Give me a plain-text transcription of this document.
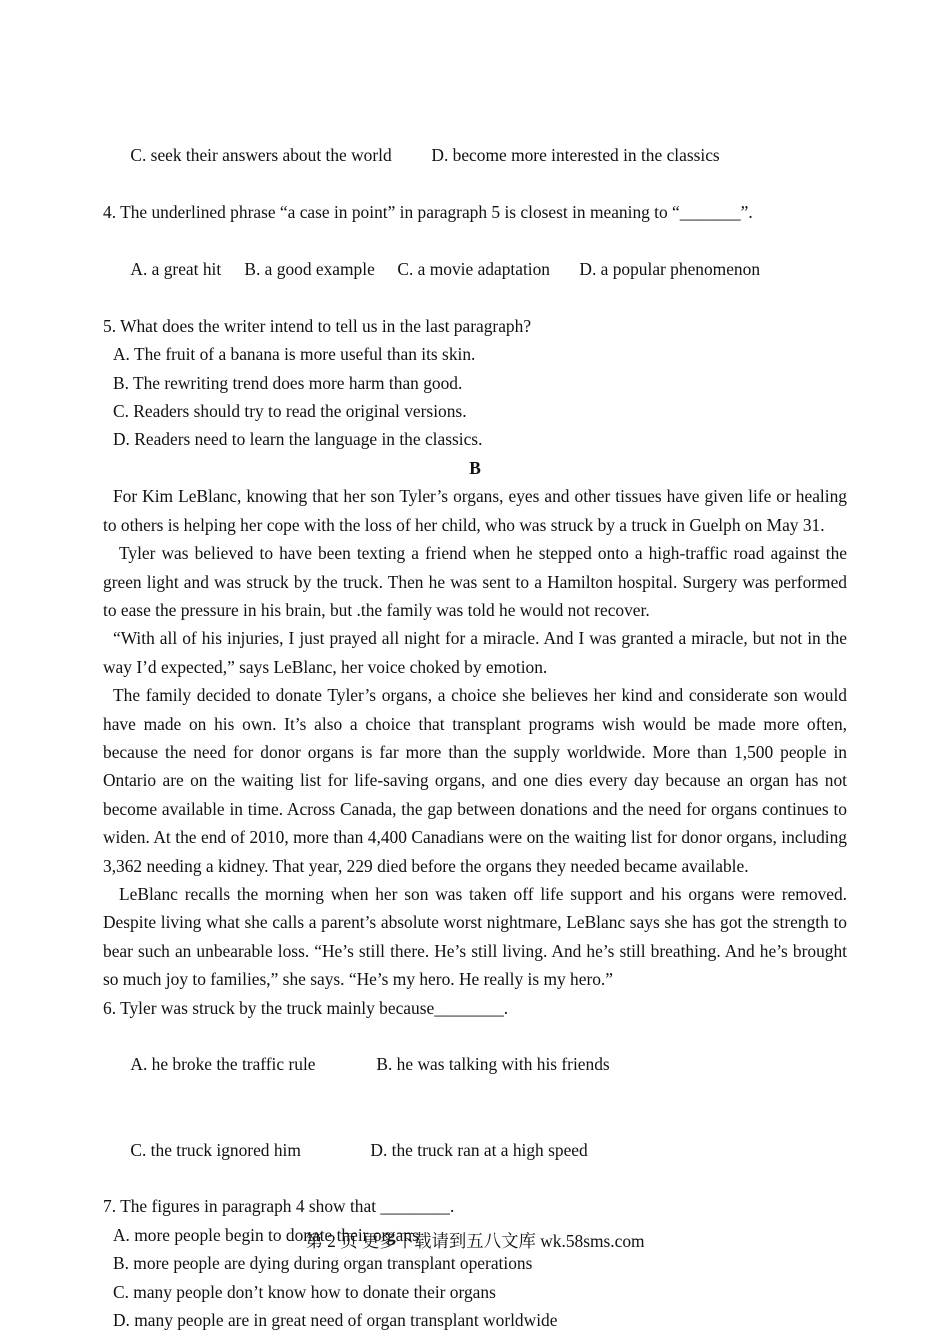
C. seek their answers about the world D. become more interested in the classics

4. The underlined phrase “a case in point” in paragraph 5 is closest in meaning to “_______”.

A. a great hit B. a good example C. a movie adaptation D. a popular phenomenon

5. What does the writer intend to tell us in the last paragraph?
A. The fruit of a banana is more useful than its skin.
B. The rewriting trend does more harm than good.
C. Readers should try to read the original versions.
D. Readers need to learn the language in the classics.
B
For Kim LeBlanc, knowing that her son Tyler’s organs, eyes and other tissues have given life or healing to others is helping her cope with the loss of her child, who was struck by a truck in Guelph on May 31.
Tyler was believed to have been texting a friend when he stepped onto a high-traffic road against the green light and was struck by the truck. Then he was sent to a Hamilton hospital. Surgery was performed to ease the pressure in his brain, but .the family was told he would not recover.
“With all of his injuries, I just prayed all night for a miracle. And I was granted a miracle, but not in the way I’d expected,” says LeBlanc, her voice choked by emotion.
The family decided to donate Tyler’s organs, a choice she believes her kind and considerate son would have made on his own. It’s also a choice that transplant programs wish would be made more often, because the need for donor organs is far more than the supply worldwide. More than 1,500 people in Ontario are on the waiting list for life-saving organs, and one dies every day because an organ has not become available in time. Across Canada, the gap between donations and the need for organs continues to widen. At the end of 2010, more than 4,400 Canadians were on the waiting list for donor organs, including 3,362 needing a kidney. That year, 229 died before the organs they needed became available.
LeBlanc recalls the morning when her son was taken off life support and his organs were removed. Despite living what she calls a parent’s absolute worst nightmare, LeBlanc says she has got the strength to bear such an unbearable loss. “He’s still there. He’s still living. And he’s still breathing. And he’s brought so much joy to families,” she says. “He’s my hero. He really is my hero.”
6. Tyler was struck by the truck mainly because________.

A. he broke the traffic rule	B. he was talking with his friends

C. the truck ignored him	D. the truck ran at a high speed

7. The figures in paragraph 4 show that ________.
A. more people begin to donate their organs
B. more people are dying during organ transplant operations
C. many people don’t know how to donate their organs
D. many people are in great need of organ transplant worldwide
第 2 页 更多下载请到五八文库 wk.58sms.com
